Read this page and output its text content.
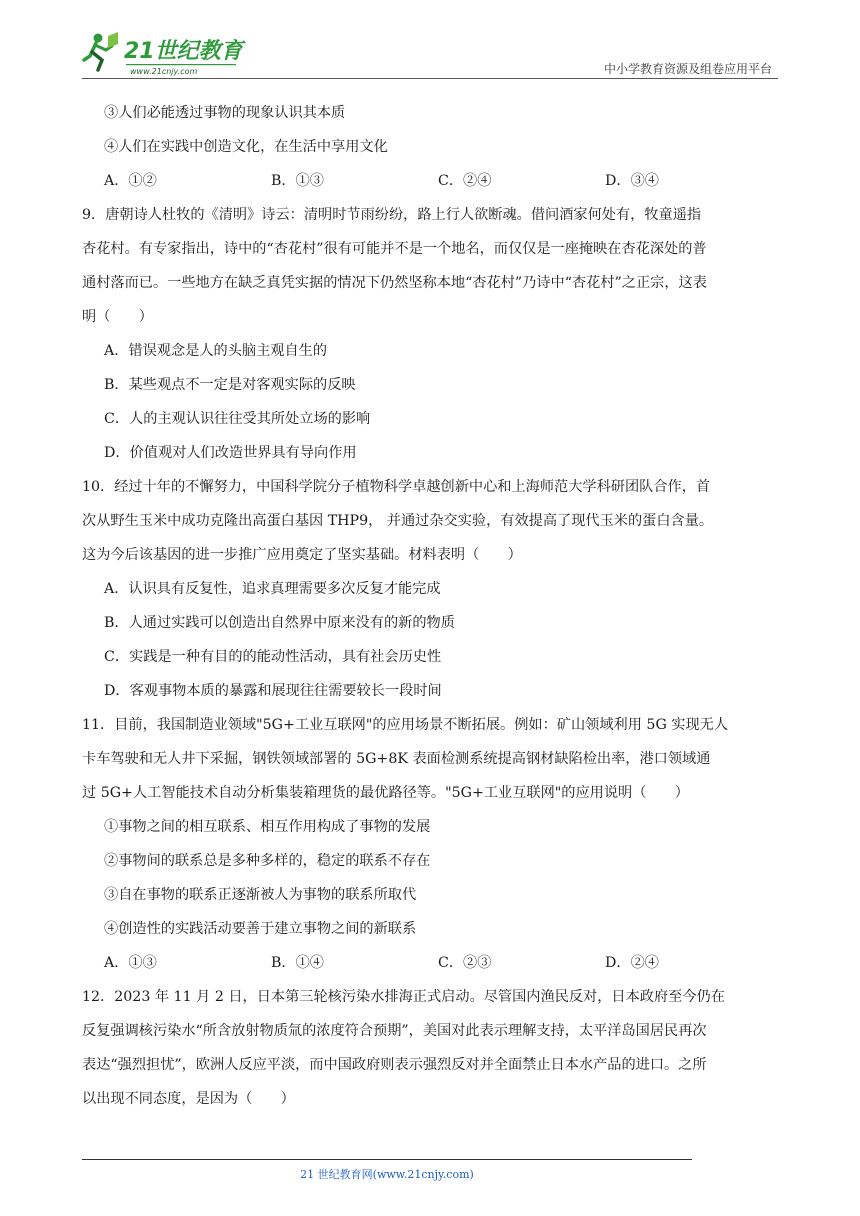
21世纪教育
www.21cnjy.com	中小学教育资源及组卷应用平台
③人们必能透过事物的现象认识其本质
④人们在实践中创造文化，在生活中享用文化
A．①②	B．①③	C．②④	D．③④
9．唐朝诗人杜牧的《清明》诗云：清明时节雨纷纷，路上行人欲断魂。借问酒家何处有，牧童遥指
杏花村。有专家指出，诗中的“杏花村”很有可能并不是一个地名，而仅仅是一座掩映在杏花深处的普
通村落而已。一些地方在缺乏真凭实据的情况下仍然坚称本地“杏花村”乃诗中“杏花村”之正宗，这表
明（　　）
A．错误观念是人的头脑主观自生的
B．某些观点不一定是对客观实际的反映
C．人的主观认识往往受其所处立场的影响
D．价值观对人们改造世界具有导向作用
10．经过十年的不懈努力，中国科学院分子植物科学卓越创新中心和上海师范大学科研团队合作，首
次从野生玉米中成功克隆出高蛋白基因 THP9， 并通过杂交实验，有效提高了现代玉米的蛋白含量。
这为今后该基因的进一步推广应用奠定了坚实基础。材料表明（　　）
A．认识具有反复性，追求真理需要多次反复才能完成
B．人通过实践可以创造出自然界中原来没有的新的物质
C．实践是一种有目的的能动性活动，具有社会历史性
D．客观事物本质的暴露和展现往往需要较长一段时间
11．目前，我国制造业领域"5G+工业互联网"的应用场景不断拓展。例如：矿山领域利用 5G 实现无人
卡车驾驶和无人井下采掘，钢铁领域部署的 5G+8K 表面检测系统提高钢材缺陷检出率，港口领域通
过 5G+人工智能技术自动分析集装箱理货的最优路径等。"5G+工业互联网"的应用说明（　　）
①事物之间的相互联系、相互作用构成了事物的发展
②事物间的联系总是多种多样的，稳定的联系不存在
③自在事物的联系正逐渐被人为事物的联系所取代
④创造性的实践活动要善于建立事物之间的新联系
A．①③	B．①④	C．②③	D．②④
12．2023 年 11 月 2 日，日本第三轮核污染水排海正式启动。尽管国内渔民反对，日本政府至今仍在
反复强调核污染水“所含放射物质氚的浓度符合预期”，美国对此表示理解支持，太平洋岛国居民再次
表达“强烈担忧”，欧洲人反应平淡，而中国政府则表示强烈反对并全面禁止日本水产品的进口。之所
以出现不同态度，是因为（　　）
21 世纪教育网(www.21cnjy.com)
